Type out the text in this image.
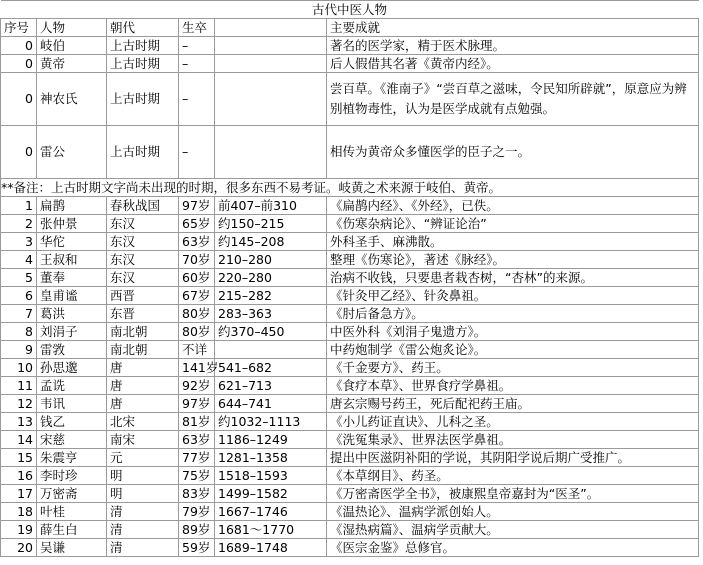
古代中医人物					
序号	人物	朝代	生卒		主要成就
0	岐伯	上古时期	–		著名的医学家，精于医术脉理。
0	黄帝	上古时期	–		后人假借其名著《黄帝内经》。
0	神农氏	上古时期	–		尝百草。《淮南子》“尝百草之滋味，令民知所辟就”，原意应为辨别植物毒性，认为是医学成就有点勉强。
0	雷公	上古时期	–		相传为黄帝众多懂医学的臣子之一。
**备注：上古时期文字尚未出现的时期，很多东西不易考证。岐黄之术来源于岐伯、黄帝。					
1	扁鹊	春秋战国	97岁	前407–前310	《扁鹊内经》、《外经》，已佚。
2	张仲景	东汉	65岁	约150–215	《伤寒杂病论》、“辨证论治”
3	华佗	东汉	63岁	约145–208	外科圣手、麻沸散。
4	王叔和	东汉	70岁	210–280	整理《伤寒论》，著述《脉经》。
5	董奉	东汉	60岁	220–280	治病不收钱，只要患者栽杏树，“杏林”的来源。
6	皇甫谧	西晋	67岁	215–282	《针灸甲乙经》、针灸鼻祖。
7	葛洪	东晋	80岁	283–363	《肘后备急方》。
8	刘涓子	南北朝	80岁	约370–450	中医外科《刘涓子鬼遗方》。
9	雷敩	南北朝	不详		中药炮制学《雷公炮炙论》。
10	孙思邈	唐	141岁	541–682	《千金要方》、药王。
11	孟诜	唐	92岁	621–713	《食疗本草》、世界食疗学鼻祖。
12	韦讯	唐	97岁	644–741	唐玄宗赐号药王，死后配祀药王庙。
13	钱乙	北宋	81岁	约1032–1113	《小儿药证直诀》、儿科之圣。
14	宋慈	南宋	63岁	1186–1249	《洗冤集录》、世界法医学鼻祖。
15	朱震亨	元	77岁	1281–1358	提出中医滋阴补阳的学说，其阴阳学说后期广受推广。
16	李时珍	明	75岁	1518–1593	《本草纲目》、药圣。
17	万密斋	明	83岁	1499–1582	《万密斋医学全书》，被康熙皇帝嘉封为“医圣”。
18	叶桂	清	79岁	1667–1746	《温热论》、温病学派创始人。
19	薛生白	清	89岁	1681～1770	《湿热病篇》、温病学贡献大。
20	吴谦	清	59岁	1689–1748	《医宗金鉴》总修官。
